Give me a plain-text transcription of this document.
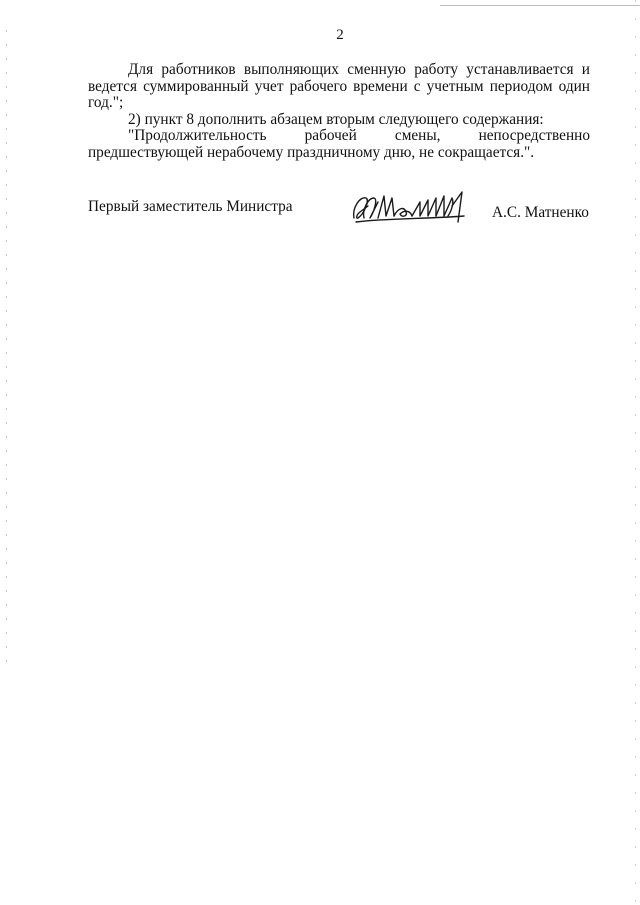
2

Для работников выполняющих сменную работу устанавливается и ведется суммированный учет рабочего времени с учетным периодом один год.";

2) пункт 8 дополнить абзацем вторым следующего содержания:

"Продолжительность рабочей смены, непосредственно предшествующей нерабочему праздничному дню, не сокращается.".

Первый заместитель Министра	А.С. Матненко
